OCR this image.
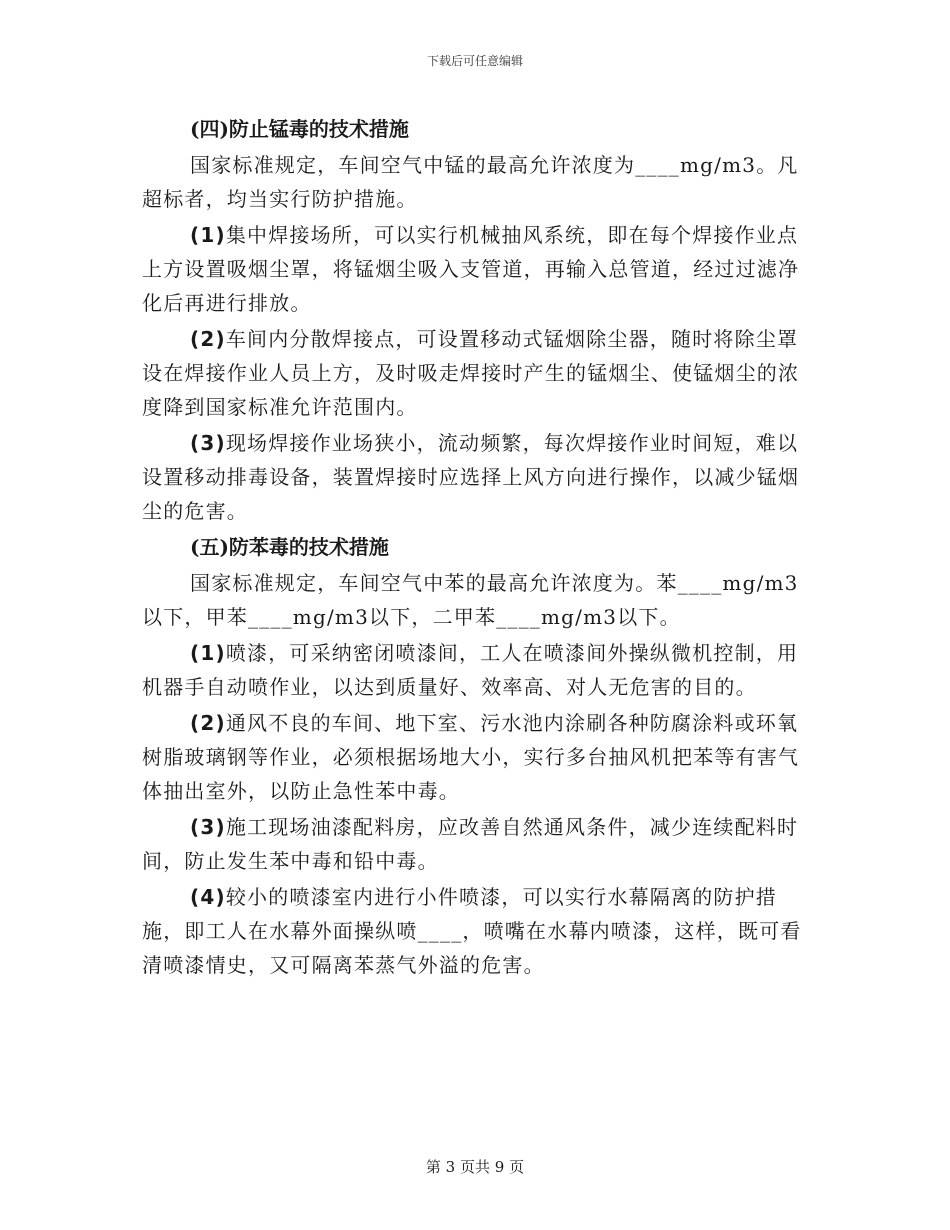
下载后可任意编辑

(四)防止锰毒的技术措施

国家标准规定，车间空气中锰的最高允许浓度为____mg/m3。凡超标者，均当实行防护措施。

(1)集中焊接场所，可以实行机械抽风系统，即在每个焊接作业点上方设置吸烟尘罩，将锰烟尘吸入支管道，再输入总管道，经过过滤净化后再进行排放。

(2)车间内分散焊接点，可设置移动式锰烟除尘器，随时将除尘罩设在焊接作业人员上方，及时吸走焊接时产生的锰烟尘、使锰烟尘的浓度降到国家标准允许范围内。

(3)现场焊接作业场狭小，流动频繁，每次焊接作业时间短，难以设置移动排毒设备，装置焊接时应选择上风方向进行操作，以减少锰烟尘的危害。

(五)防苯毒的技术措施

国家标准规定，车间空气中苯的最高允许浓度为。苯____mg/m3以下，甲苯____mg/m3以下，二甲苯____mg/m3以下。

(1)喷漆，可采纳密闭喷漆间，工人在喷漆间外操纵微机控制，用机器手自动喷作业，以达到质量好、效率高、对人无危害的目的。

(2)通风不良的车间、地下室、污水池内涂刷各种防腐涂料或环氧树脂玻璃钢等作业，必须根据场地大小，实行多台抽风机把苯等有害气体抽出室外，以防止急性苯中毒。

(3)施工现场油漆配料房，应改善自然通风条件，减少连续配料时间，防止发生苯中毒和铅中毒。

(4)较小的喷漆室内进行小件喷漆，可以实行水幕隔离的防护措施，即工人在水幕外面操纵喷____，喷嘴在水幕内喷漆，这样，既可看清喷漆情史，又可隔离苯蒸气外溢的危害。

第 3 页共 9 页
